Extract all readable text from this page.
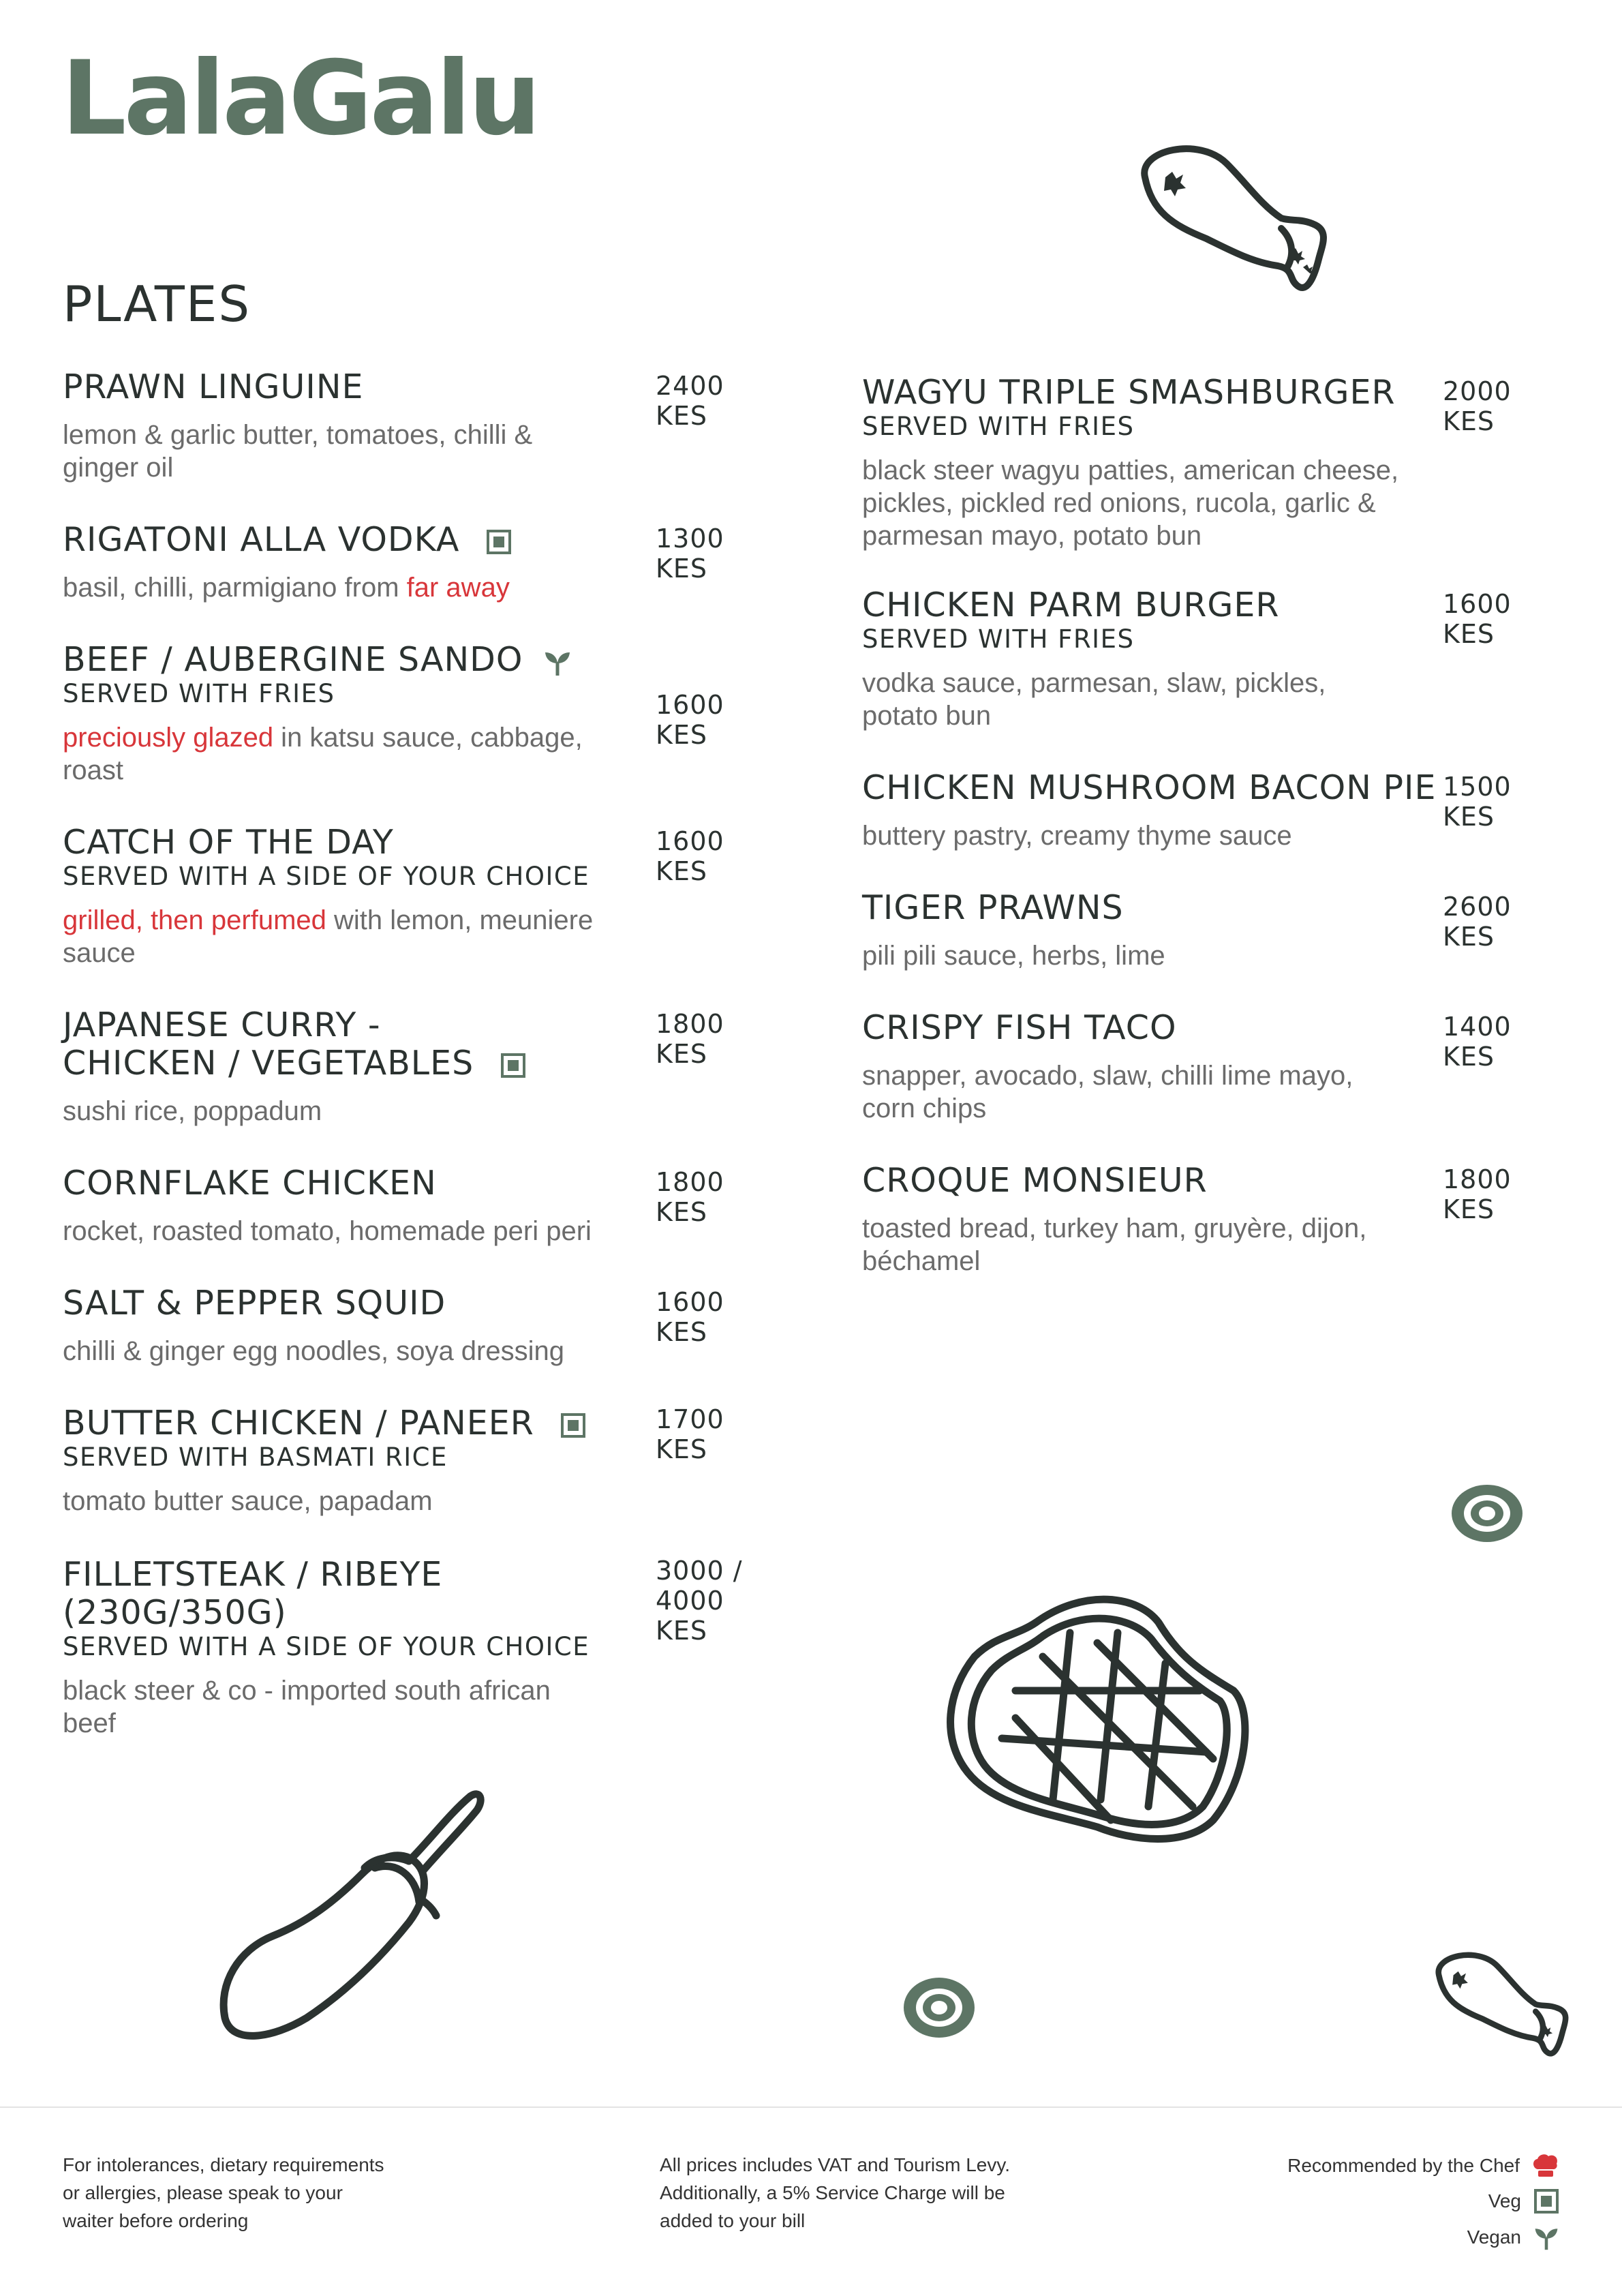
LalaGalu
PLATES
PRAWN LINGUINE
lemon & garlic butter, tomatoes, chilli & ginger oil
2400 KES
RIGATONI ALLA VODKA
basil, chilli, parmigiano from far away
1300 KES
BEEF / AUBERGINE SANDO
SERVED WITH FRIES
preciously glazed in katsu sauce, cabbage, roast
1600 KES
CATCH OF THE DAY
SERVED WITH A SIDE OF YOUR CHOICE
grilled, then perfumed with lemon, meuniere sauce
1600 KES
JAPANESE CURRY -
CHICKEN / VEGETABLES
sushi rice, poppadum
1800 KES
CORNFLAKE CHICKEN
rocket, roasted tomato, homemade peri peri
1800 KES
SALT & PEPPER SQUID
chilli & ginger egg noodles, soya dressing
1600 KES
BUTTER CHICKEN / PANEER
SERVED WITH BASMATI RICE
tomato butter sauce, papadam
1700 KES
FILLETSTEAK / RIBEYE
(230G/350G)
SERVED WITH A SIDE OF YOUR CHOICE
black steer & co - imported south african beef
3000 /
4000 KES
WAGYU TRIPLE SMASHBURGER
SERVED WITH FRIES
black steer wagyu patties, american cheese, pickles, pickled red onions, rucola, garlic & parmesan mayo, potato bun
2000 KES
CHICKEN PARM BURGER
SERVED WITH FRIES
vodka sauce, parmesan, slaw, pickles, potato bun
1600 KES
CHICKEN MUSHROOM BACON PIE
buttery pastry, creamy thyme sauce
1500 KES
TIGER PRAWNS
pili pili sauce, herbs, lime
2600 KES
CRISPY FISH TACO
snapper, avocado, slaw, chilli lime mayo, corn chips
1400 KES
CROQUE MONSIEUR
toasted bread, turkey ham, gruyère, dijon, béchamel
1800 KES
For intolerances, dietary requirements
or allergies, please speak to your
waiter before ordering
All prices includes VAT and Tourism Levy.
Additionally, a 5% Service Charge will be
added to your bill
Recommended by the Chef
Veg
Vegan
